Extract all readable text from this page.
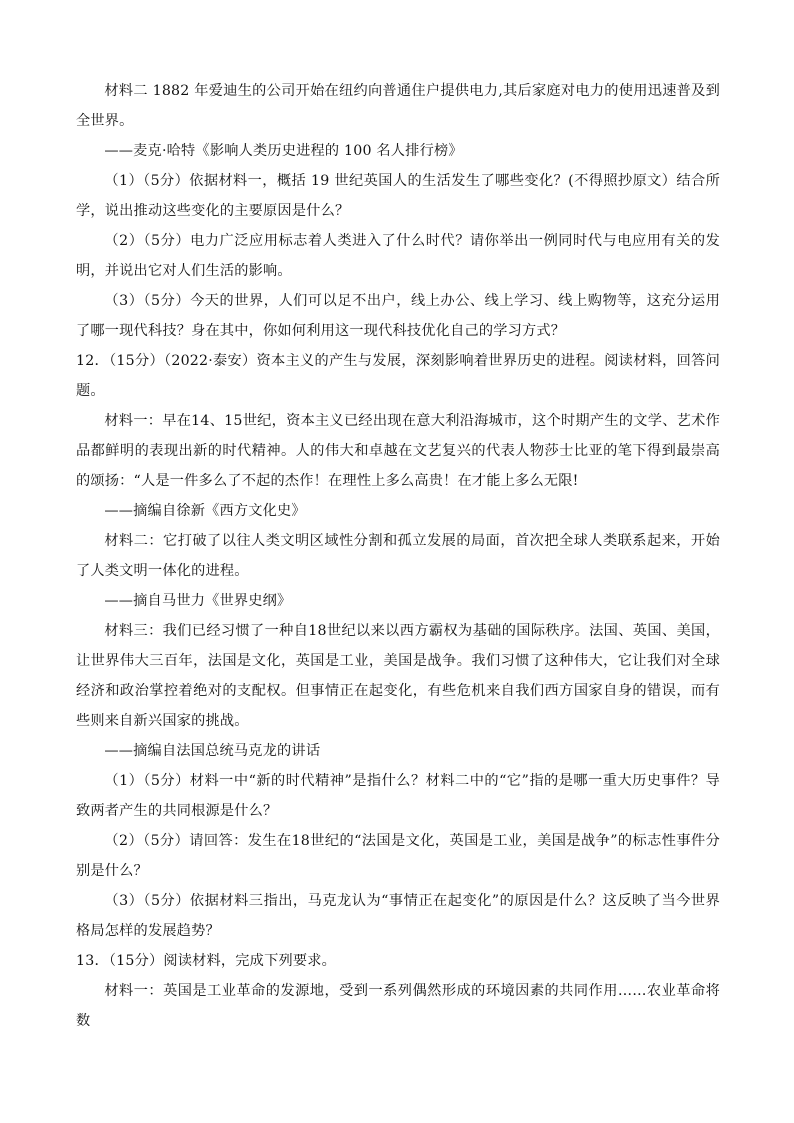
材料二 1882 年爱迪生的公司开始在纽约向普通住户提供电力,其后家庭对电力的使用迅速普及到全世界。

——麦克·哈特《影响人类历史进程的 100 名人排行榜》

（1）（5分）依据材料一，概括 19 世纪英国人的生活发生了哪些变化？(不得照抄原文）结合所学，说出推动这些变化的主要原因是什么？

（2）（5分）电力广泛应用标志着人类进入了什么时代？请你举出一例同时代与电应用有关的发明，并说出它对人们生活的影响。

（3）（5分）今天的世界，人们可以足不出户，线上办公、线上学习、线上购物等，这充分运用了哪一现代科技？身在其中，你如何利用这一现代科技优化自己的学习方式？

12．（15分）（2022·泰安）资本主义的产生与发展，深刻影响着世界历史的进程。阅读材料，回答问题。

材料一：早在14、15世纪，资本主义已经出现在意大利沿海城市，这个时期产生的文学、艺术作品都鲜明的表现出新的时代精神。人的伟大和卓越在文艺复兴的代表人物莎士比亚的笔下得到最崇高的颂扬：“人是一件多么了不起的杰作！在理性上多么高贵！在才能上多么无限!

——摘编自徐新《西方文化史》

材料二：它打破了以往人类文明区域性分割和孤立发展的局面，首次把全球人类联系起来，开始了人类文明一体化的进程。

——摘自马世力《世界史纲》

材料三：我们已经习惯了一种自18世纪以来以西方霸权为基础的国际秩序。法国、英国、美国，让世界伟大三百年，法国是文化，英国是工业，美国是战争。我们习惯了这种伟大，它让我们对全球经济和政治掌控着绝对的支配权。但事情正在起变化，有些危机来自我们西方国家自身的错误，而有些则来自新兴国家的挑战。

——摘编自法国总统马克龙的讲话

（1）（5分）材料一中“新的时代精神”是指什么？材料二中的“它”指的是哪一重大历史事件？导致两者产生的共同根源是什么？

（2）（5分）请回答：发生在18世纪的“法国是文化，英国是工业，美国是战争”的标志性事件分别是什么？

（3）（5分）依据材料三指出，马克龙认为“事情正在起变化”的原因是什么？这反映了当今世界格局怎样的发展趋势？

13．（15分）阅读材料，完成下列要求。

材料一：英国是工业革命的发源地，受到一系列偶然形成的环境因素的共同作用……农业革命将数
